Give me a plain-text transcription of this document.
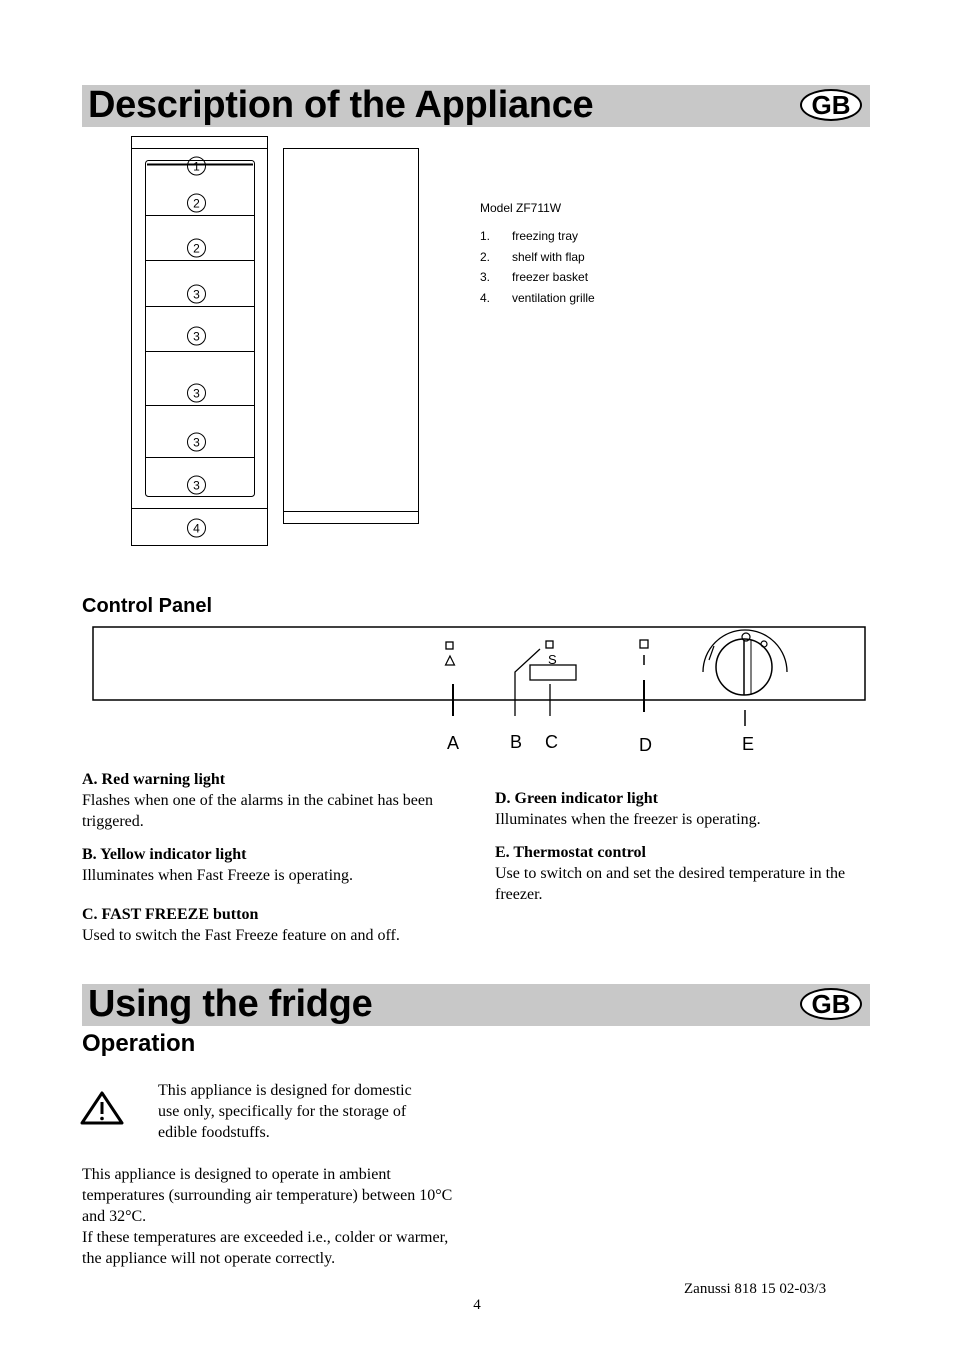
Description of the Appliance	GB
1
2
2
3
3
3
3
3
4
Model ZF711W
1.	freezing tray
2.	shelf with flap
3.	freezer basket
4.	ventilation grille
Control Panel
S
A	B C	D	E
A. Red warning light
Flashes when one of the alarms in the cabinet has been triggered.
B. Yellow indicator light
Illuminates when Fast Freeze is operating.
C. FAST FREEZE button
Used to switch the Fast Freeze feature on and off.
D. Green indicator light
Illuminates when the freezer is operating.
E. Thermostat control
Use to switch on and set the desired temperature in the freezer.
Using the fridge	GB
Operation
This appliance is designed for domestic use only, specifically for the storage of edible foodstuffs.
This appliance is designed to operate in ambient temperatures (surrounding air temperature) between 10°C and 32°C.
If these temperatures are exceeded i.e., colder or warmer, the appliance will not operate correctly.
Zanussi 818 15 02-03/3
4
